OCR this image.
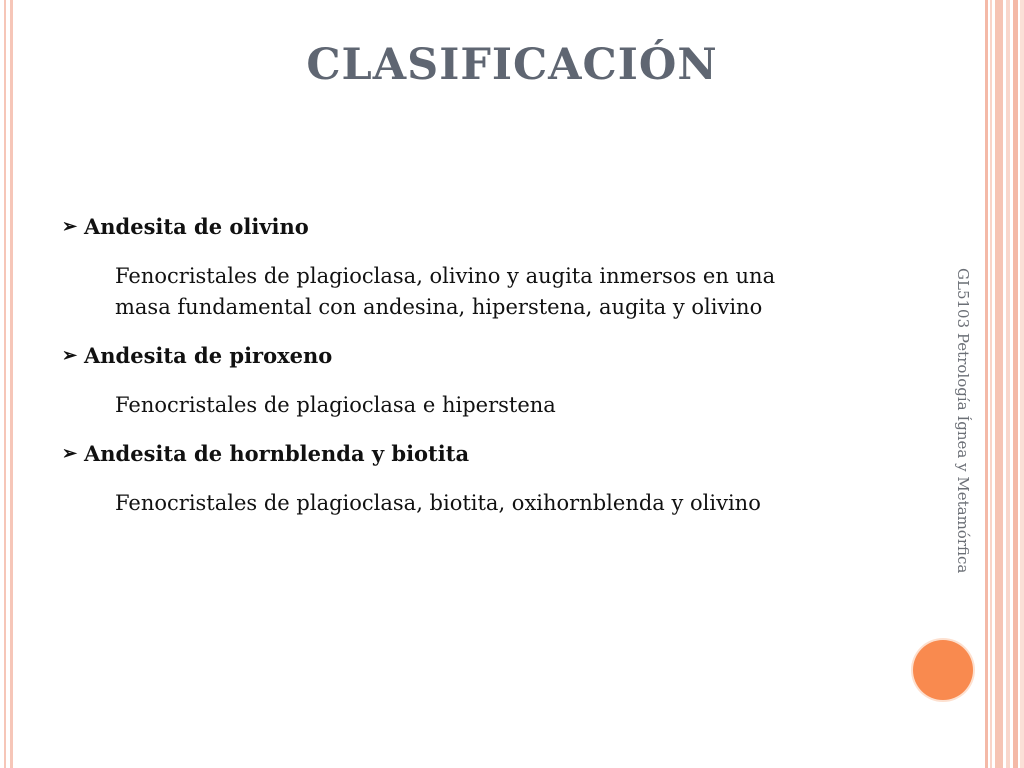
CLASIFICACIÓN

➢ Andesita de olivino

Fenocristales de plagioclasa, olivino y augita inmersos en una

masa fundamental con andesina, hiperstena, augita y olivino

➢ Andesita de piroxeno

Fenocristales de plagioclasa e hiperstena

➢ Andesita de hornblenda y biotita

Fenocristales de plagioclasa, biotita, oxihornblenda y olivino	GL5103 Petrología Ígnea y Metamórfica
